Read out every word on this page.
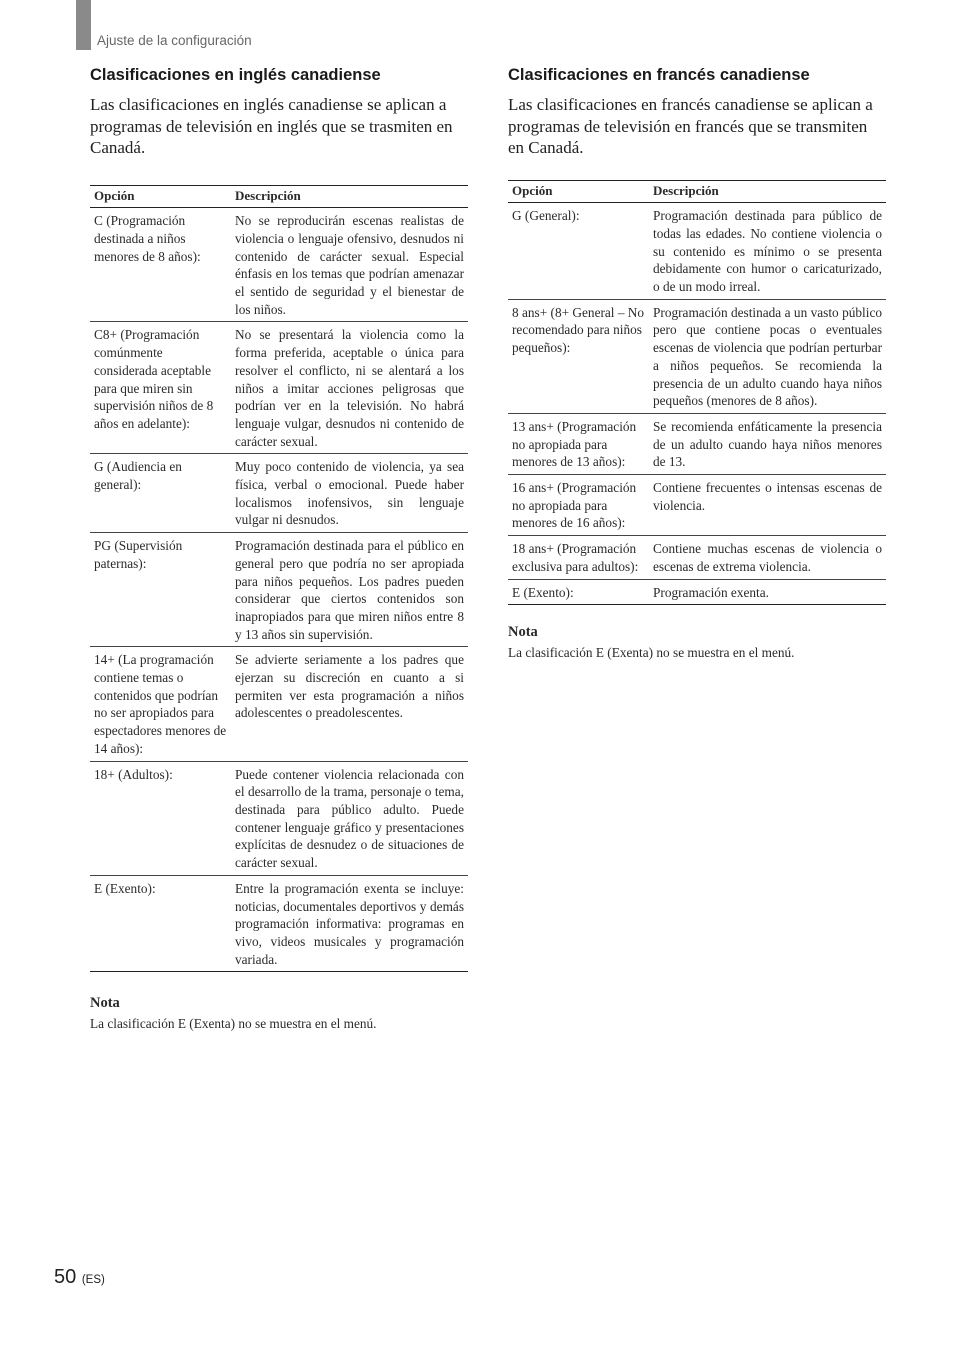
Ajuste de la configuración
Clasificaciones en inglés canadiense

Las clasificaciones en inglés canadiense se aplican a programas de televisión en inglés que se trasmiten en Canadá.

Opción	Descripción
C (Programación destinada a niños menores de 8 años):	No se reproducirán escenas realistas de violencia o lenguaje ofensivo, desnudos ni contenido de carácter sexual. Especial énfasis en los temas que podrían amenazar el sentido de seguridad y el bienestar de los niños.
C8+ (Programación comúnmente considerada aceptable para que miren sin supervisión niños de 8 años en adelante):	No se presentará la violencia como la forma preferida, aceptable o única para resolver el conflicto, ni se alentará a los niños a imitar acciones peligrosas que podrían ver en la televisión. No habrá lenguaje vulgar, desnudos ni contenido de carácter sexual.
G (Audiencia en general):	Muy poco contenido de violencia, ya sea física, verbal o emocional. Puede haber localismos inofensivos, sin lenguaje vulgar ni desnudos.
PG (Supervisión paternas):	Programación destinada para el público en general pero que podría no ser apropiada para niños pequeños. Los padres pueden considerar que ciertos contenidos son inapropiados para que miren niños entre 8 y 13 años sin supervisión.
14+ (La programación contiene temas o contenidos que podrían no ser apropiados para espectadores menores de 14 años):	Se advierte seriamente a los padres que ejerzan su discreción en cuanto a si permiten ver esta programación a niños adolescentes o preadolescentes.
18+ (Adultos):	Puede contener violencia relacionada con el desarrollo de la trama, personaje o tema, destinada para público adulto. Puede contener lenguaje gráfico y presentaciones explícitas de desnudez o de situaciones de carácter sexual.
E (Exento):	Entre la programación exenta se incluye: noticias, documentales deportivos y demás programación informativa: programas en vivo, videos musicales y programación variada.
Nota

La clasificación E (Exenta) no se muestra en el menú.

Clasificaciones en francés canadiense

Las clasificaciones en francés canadiense se aplican a programas de televisión en francés que se transmiten en Canadá.

Opción	Descripción
G (General):	Programación destinada para público de todas las edades. No contiene violencia o su contenido es mínimo o se presenta debidamente con humor o caricaturizado, o de un modo irreal.
8 ans+ (8+ General – No recomendado para niños pequeños):	Programación destinada a un vasto público pero que contiene pocas o eventuales escenas de violencia que podrían perturbar a niños pequeños. Se recomienda la presencia de un adulto cuando haya niños pequeños (menores de 8 años).
13 ans+ (Programación no apropiada para menores de 13 años):	Se recomienda enfáticamente la presencia de un adulto cuando haya niños menores de 13.
16 ans+ (Programación no apropiada para menores de 16 años):	Contiene frecuentes o intensas escenas de violencia.
18 ans+ (Programación exclusiva para adultos):	Contiene muchas escenas de violencia o escenas de extrema violencia.
E (Exento):	Programación exenta.
Nota

La clasificación E (Exenta) no se muestra en el menú.

50 (ES)
